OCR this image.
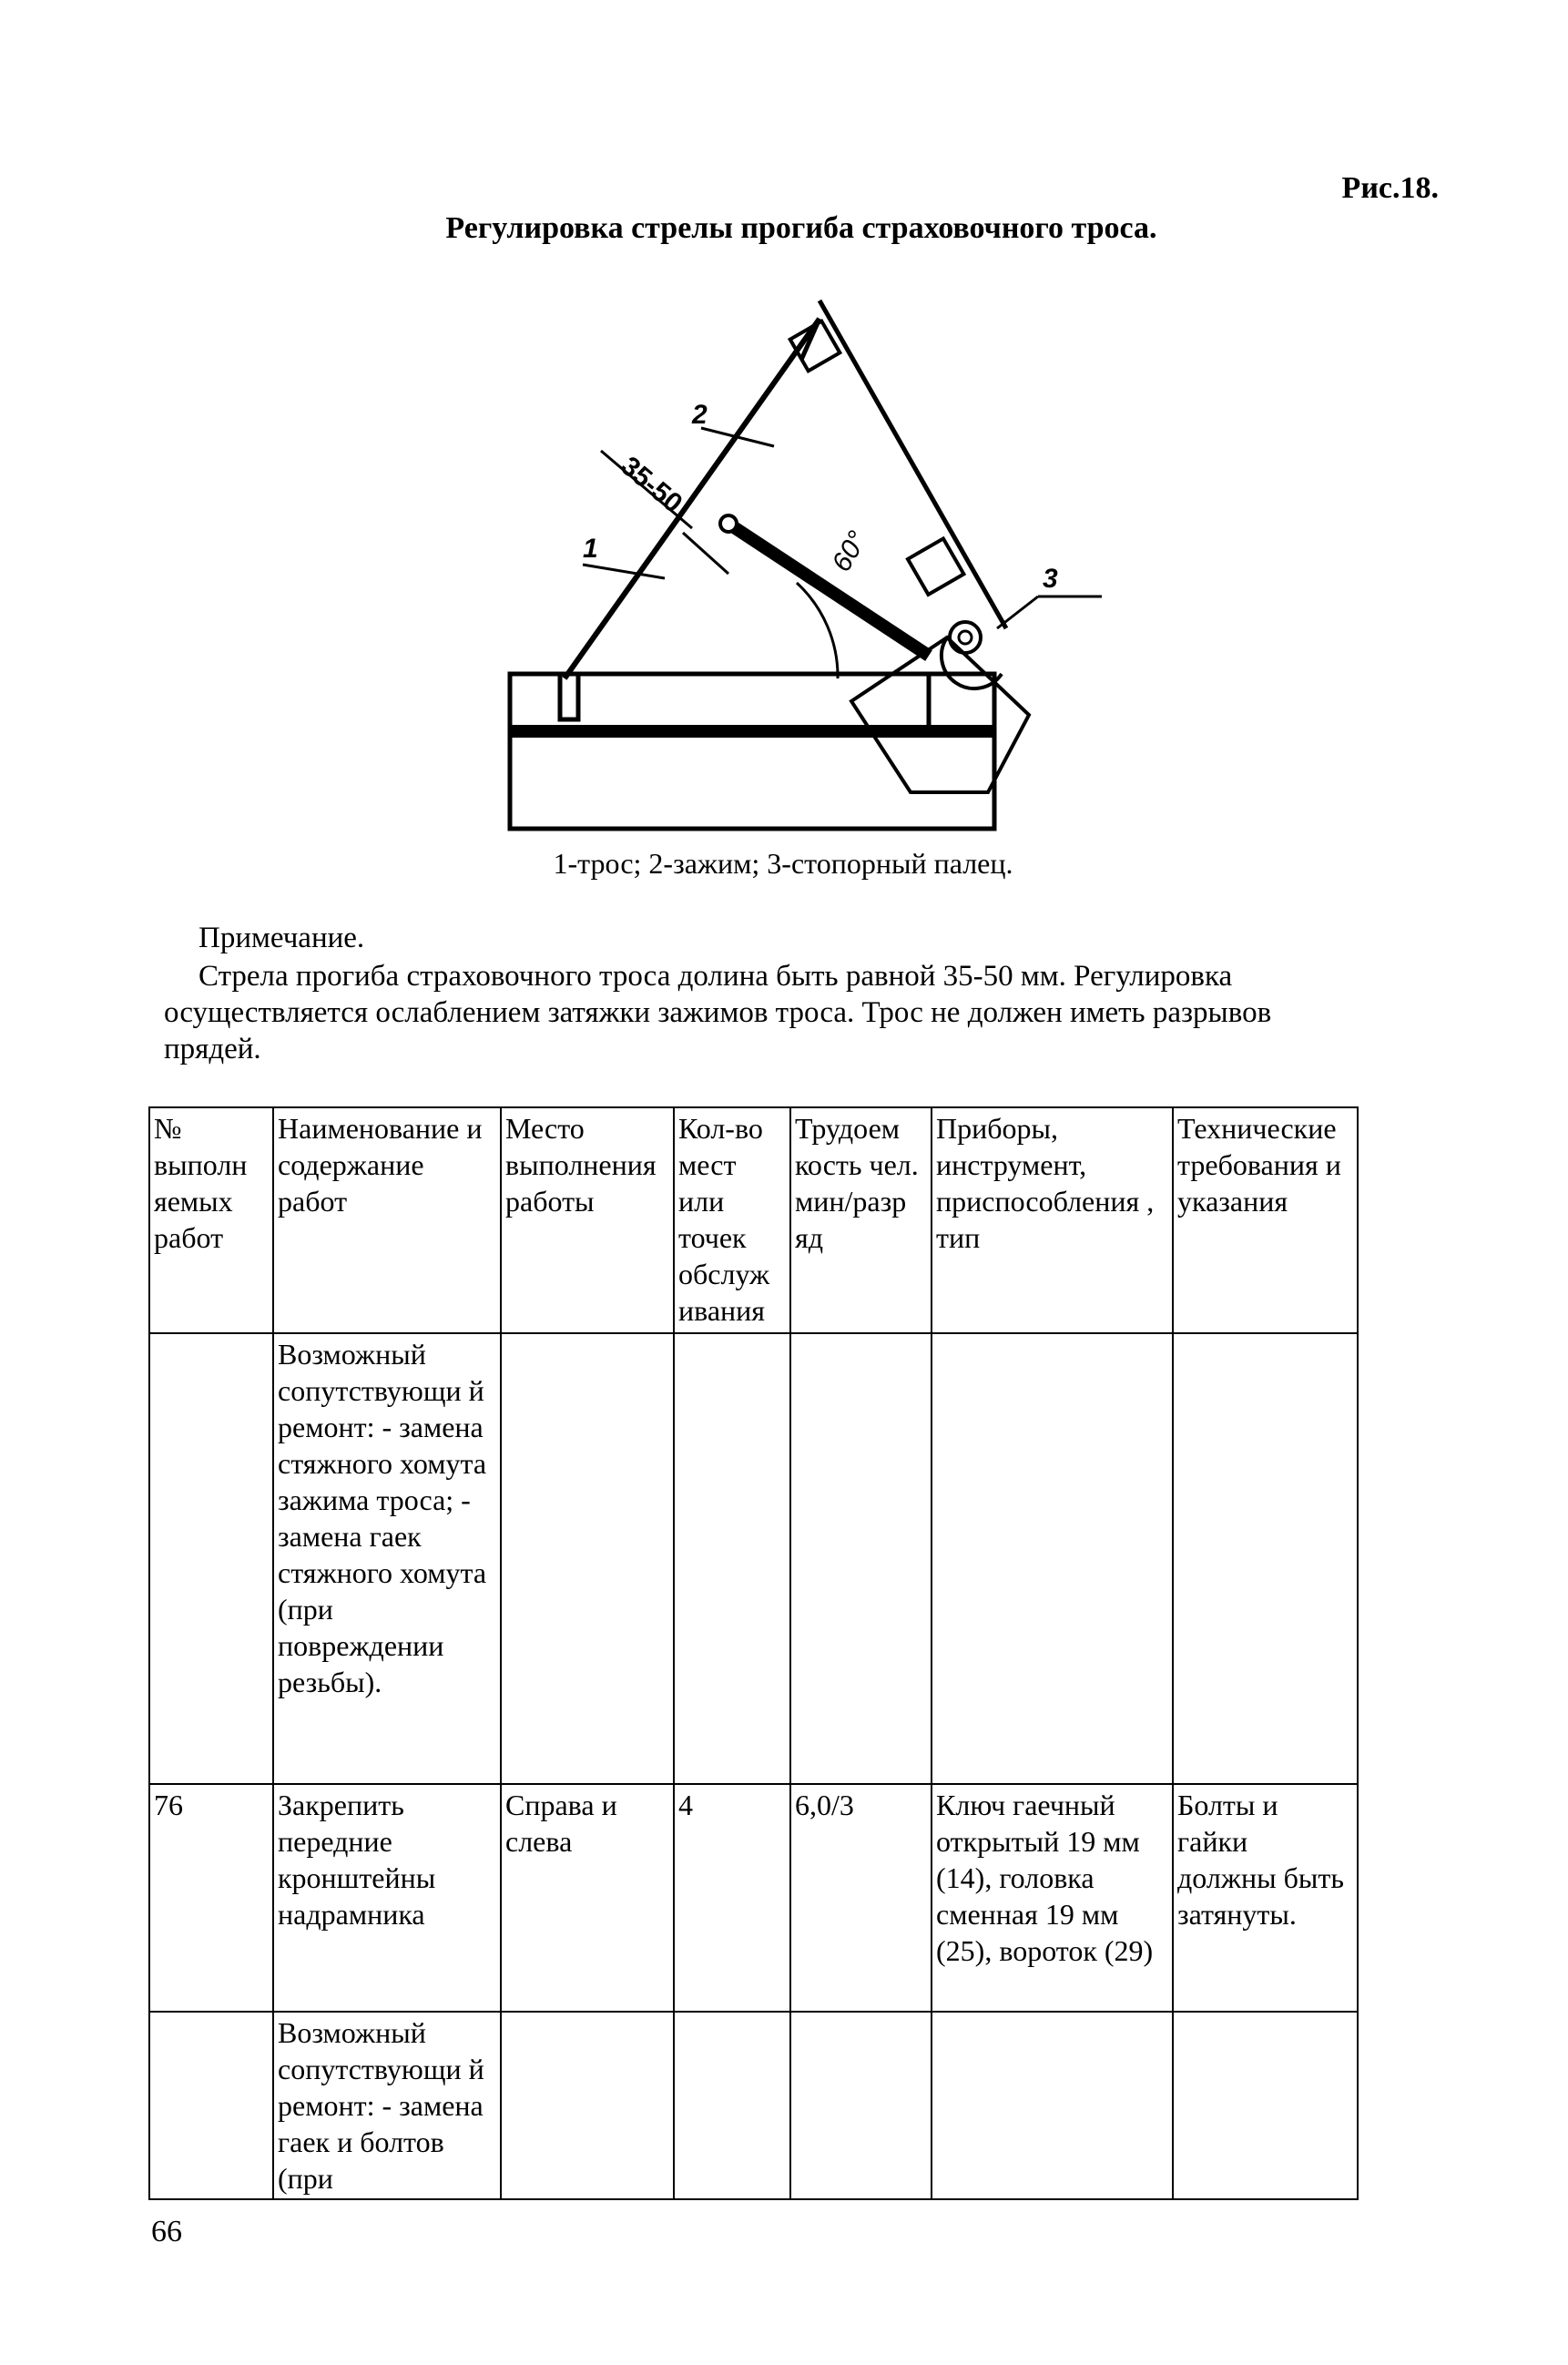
Рис.18.
Регулировка стрелы прогиба страховочного троса.
1
2
3
35-50
60°
1-трос; 2-зажим; 3-стопорный палец.
Примечание.
Стрела прогиба страховочного троса долина быть равной 35-50 мм. Регулировка осуществляется ослаблением затяжки зажимов троса. Трос не должен иметь разрывов прядей.
№ выполн яемых работ	Наименование и содержание работ	Место выполнения работы	Кол-во мест или точек обслуж ивания	Трудоем кость чел. мин/разр яд	Приборы, инструмент, приспособления , тип	Технические требования и указания
	Возможный сопутствующи й ремонт: - замена стяжного хомута зажима троса; - замена гаек стяжного хомута (при повреждении резьбы).					
76	Закрепить передние кронштейны надрамника	Справа и слева	4	6,0/3	Ключ гаечный открытый 19 мм (14), головка сменная 19 мм (25), вороток (29)	Болты и гайки должны быть затянуты.
	Возможный сопутствующи й ремонт: - замена гаек и болтов (при					
66
